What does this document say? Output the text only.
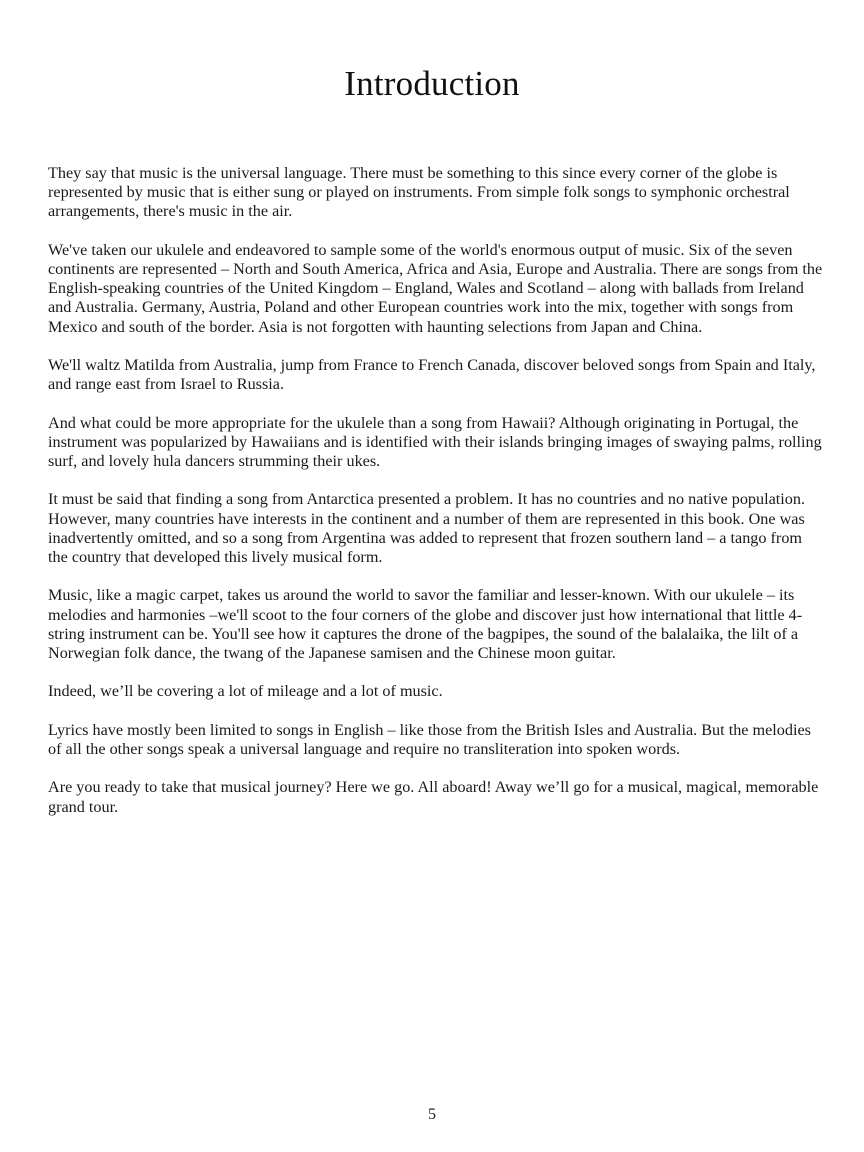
Introduction

They say that music is the universal language. There must be something to this since every corner of the globe is represented by music that is either sung or played on instruments. From simple folk songs to symphonic orchestral arrangements, there's music in the air.

We've taken our ukulele and endeavored to sample some of the world's enormous output of music. Six of the seven continents are represented – North and South America, Africa and Asia, Europe and Australia. There are songs from the English-speaking countries of the United Kingdom – England, Wales and Scotland – along with ballads from Ireland and Australia. Germany, Austria, Poland and other European countries work into the mix, together with songs from Mexico and south of the border. Asia is not forgotten with haunting selections from Japan and China.

We'll waltz Matilda from Australia, jump from France to French Canada, discover beloved songs from Spain and Italy, and range east from Israel to Russia.

And what could be more appropriate for the ukulele than a song from Hawaii? Although originating in Portugal, the instrument was popularized by Hawaiians and is identified with their islands bringing images of swaying palms, rolling surf, and lovely hula dancers strumming their ukes.

It must be said that finding a song from Antarctica presented a problem. It has no countries and no native population. However, many countries have interests in the continent and a number of them are represented in this book. One was inadvertently omitted, and so a song from Argentina was added to represent that frozen southern land – a tango from the country that developed this lively musical form.

Music, like a magic carpet, takes us around the world to savor the familiar and lesser-known. With our ukulele – its melodies and harmonies –we'll scoot to the four corners of the globe and discover just how international that little 4-string instrument can be. You'll see how it captures the drone of the bagpipes, the sound of the balalaika, the lilt of a Norwegian folk dance, the twang of the Japanese samisen and the Chinese moon guitar.

Indeed, we’ll be covering a lot of mileage and a lot of music.

Lyrics have mostly been limited to songs in English – like those from the British Isles and Australia. But the melodies of all the other songs speak a universal language and require no transliteration into spoken words.

Are you ready to take that musical journey? Here we go. All aboard! Away we’ll go for a musical, magical, memorable grand tour.

5
